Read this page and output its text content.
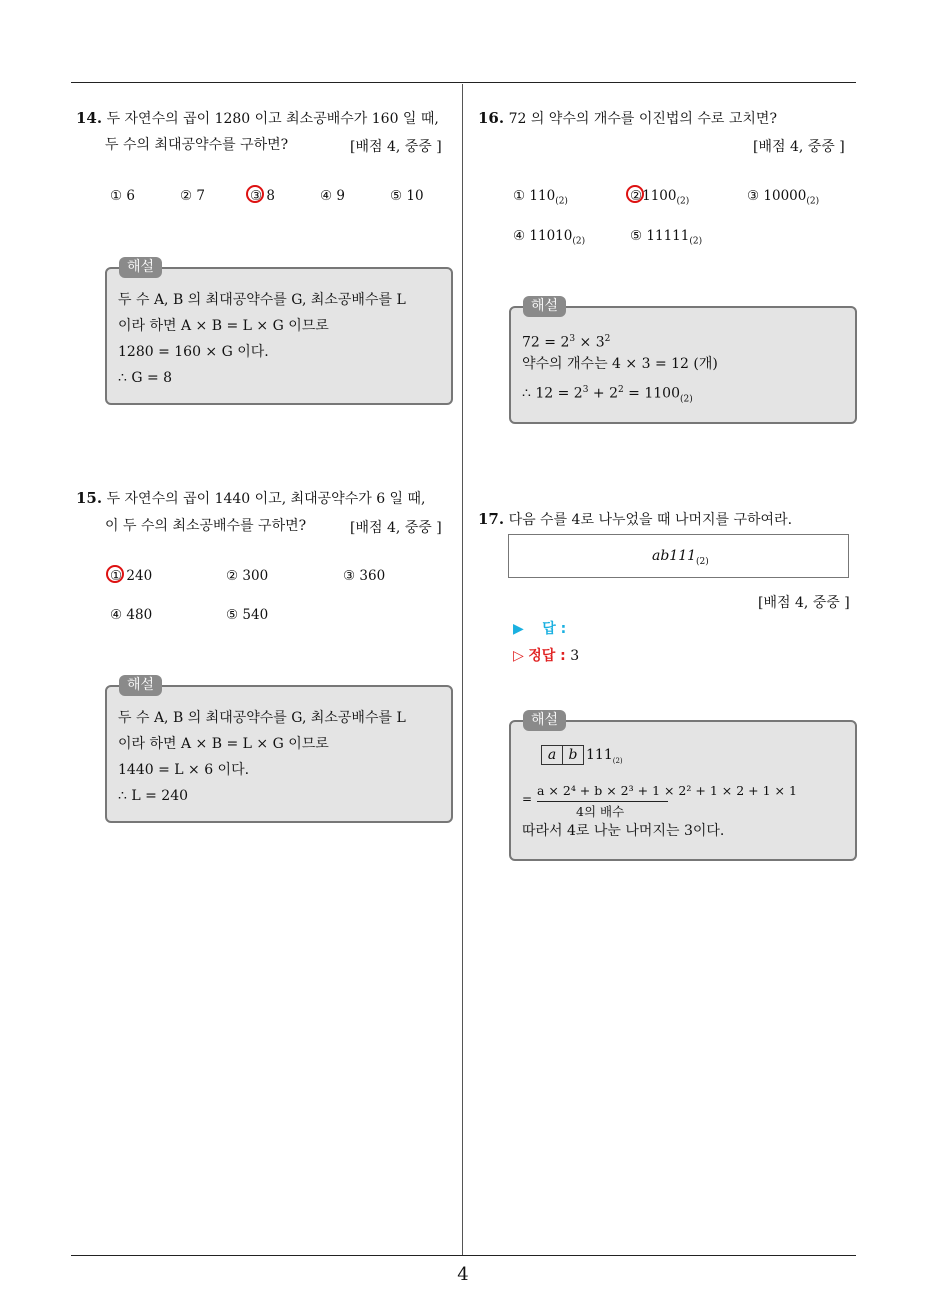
4
14. 두 자연수의 곱이 1280 이고 최소공배수가 160 일 때,
두 수의 최대공약수를 구하면?	[배점 4, 중중 ]
① 6	② 7	③ 8	④ 9	⑤ 10
해설
두 수 A, B 의 최대공약수를 G, 최소공배수를 L
이라 하면 A × B = L × G 이므로
1280 = 160 × G 이다.
∴ G = 8
15. 두 자연수의 곱이 1440 이고, 최대공약수가 6 일 때,
이 두 수의 최소공배수를 구하면?	[배점 4, 중중 ]
① 240	② 300	③ 360
④ 480	⑤ 540
해설
두 수 A, B 의 최대공약수를 G, 최소공배수를 L
이라 하면 A × B = L × G 이므로
1440 = L × 6 이다.
∴ L = 240
16. 72 의 약수의 개수를 이진법의 수로 고치면?
[배점 4, 중중 ]
① $110_{(2)}$	$②1100_{(2)}$	③ $10000_{(2)}$
④ $11010_{(2)}$	⑤ $11111_{(2)}$
해설
$72 = 2^3 \times 3^2$
약수의 개수는 4 × 3 = 12 (개)
∴ $12 = 2^3 + 2^2 = 1100_{(2)}$
17. 다음 수를 4로 나누었을 때 나머지를 구하여라.
$ab111_{(2)}$
[배점 4, 중중 ]
▶ 답 :
▷ 정답 : 3
해설
a b $111_{(2)}$
=
a × 2⁴ + b × 2³ + 1 × 2² + 1 × 2 + 1 × 1
4의 배수
따라서 4로 나눈 나머지는 3이다.
